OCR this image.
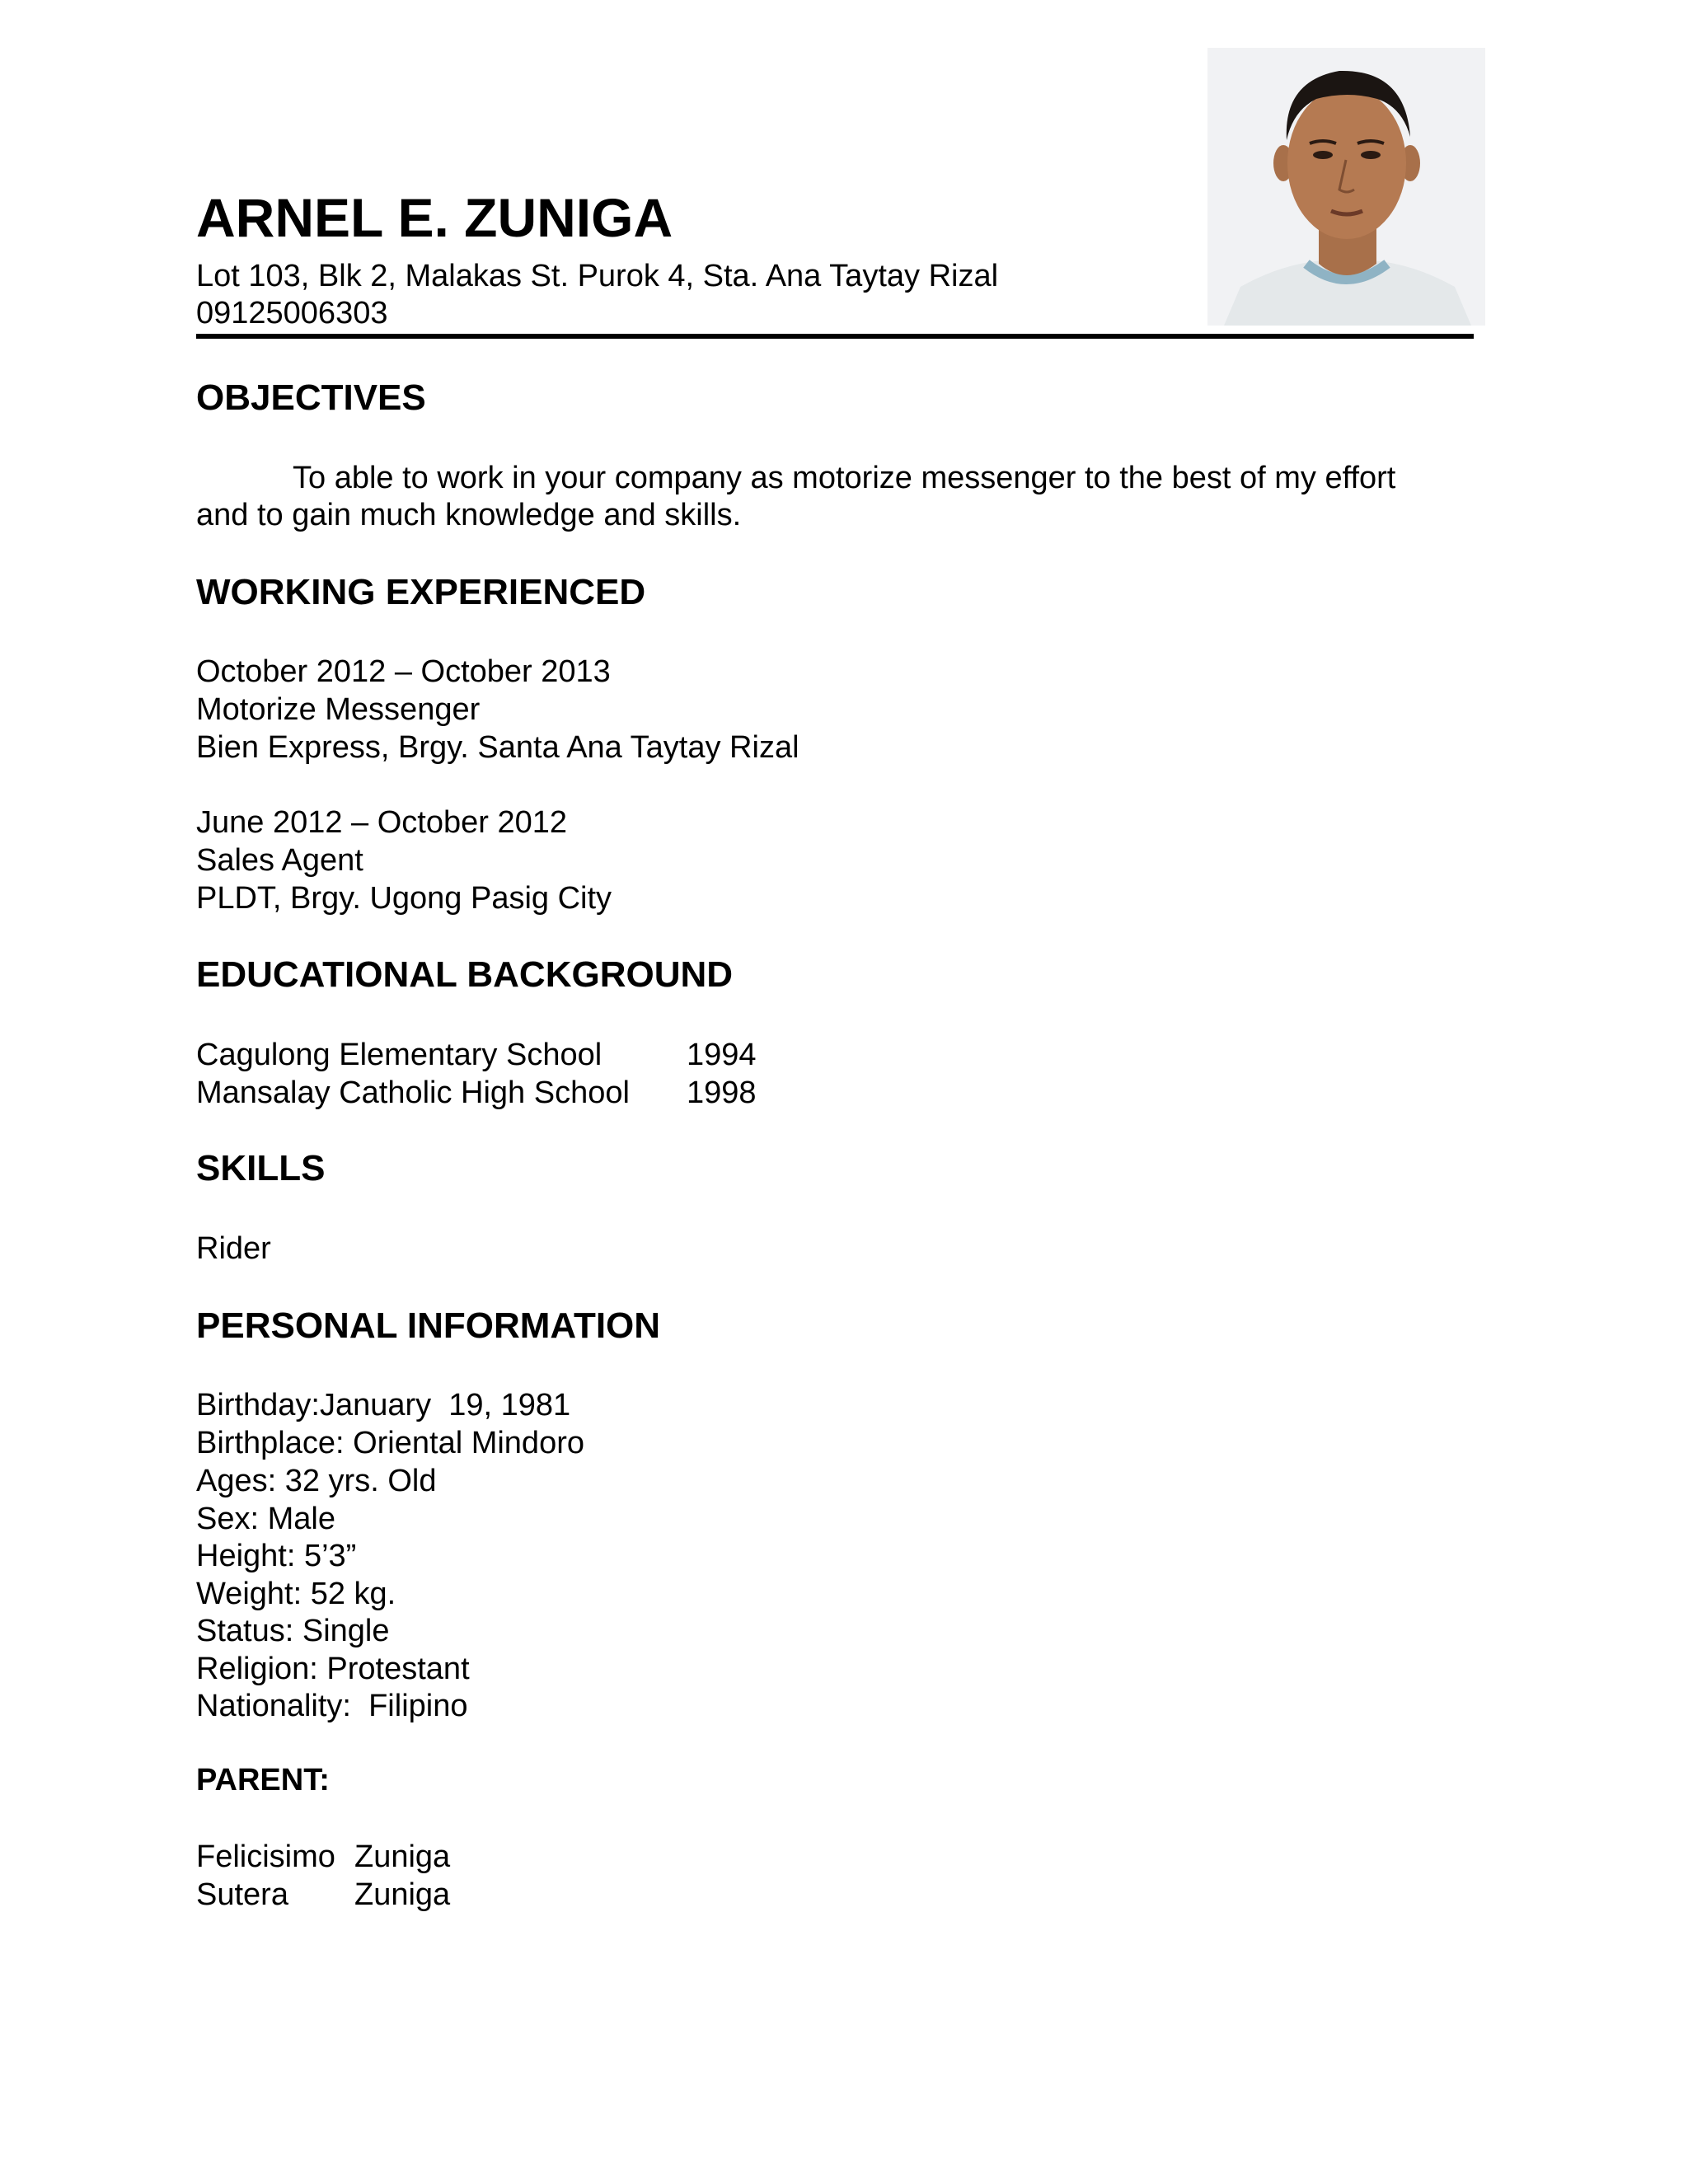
ARNEL E. ZUNIGA
Lot 103, Blk 2, Malakas St. Purok 4, Sta. Ana Taytay Rizal
09125006303
OBJECTIVES
To able to work in your company as motorize messenger to the best of my effort
and to gain much knowledge and skills.
WORKING EXPERIENCED
October 2012 – October 2013
Motorize Messenger
Bien Express, Brgy. Santa Ana Taytay Rizal
June 2012 – October 2012
Sales Agent
PLDT, Brgy. Ugong Pasig City
EDUCATIONAL BACKGROUND
Cagulong Elementary School	1994
Mansalay Catholic High School 1998
SKILLS
Rider
PERSONAL INFORMATION
Birthday:January  19, 1981
Birthplace: Oriental Mindoro
Ages: 32 yrs. Old
Sex: Male
Height: 5’3”
Weight: 52 kg.
Status: Single
Religion: Protestant
Nationality:  Filipino
PARENT:
Felicisimo Zuniga
Sutera Zuniga
